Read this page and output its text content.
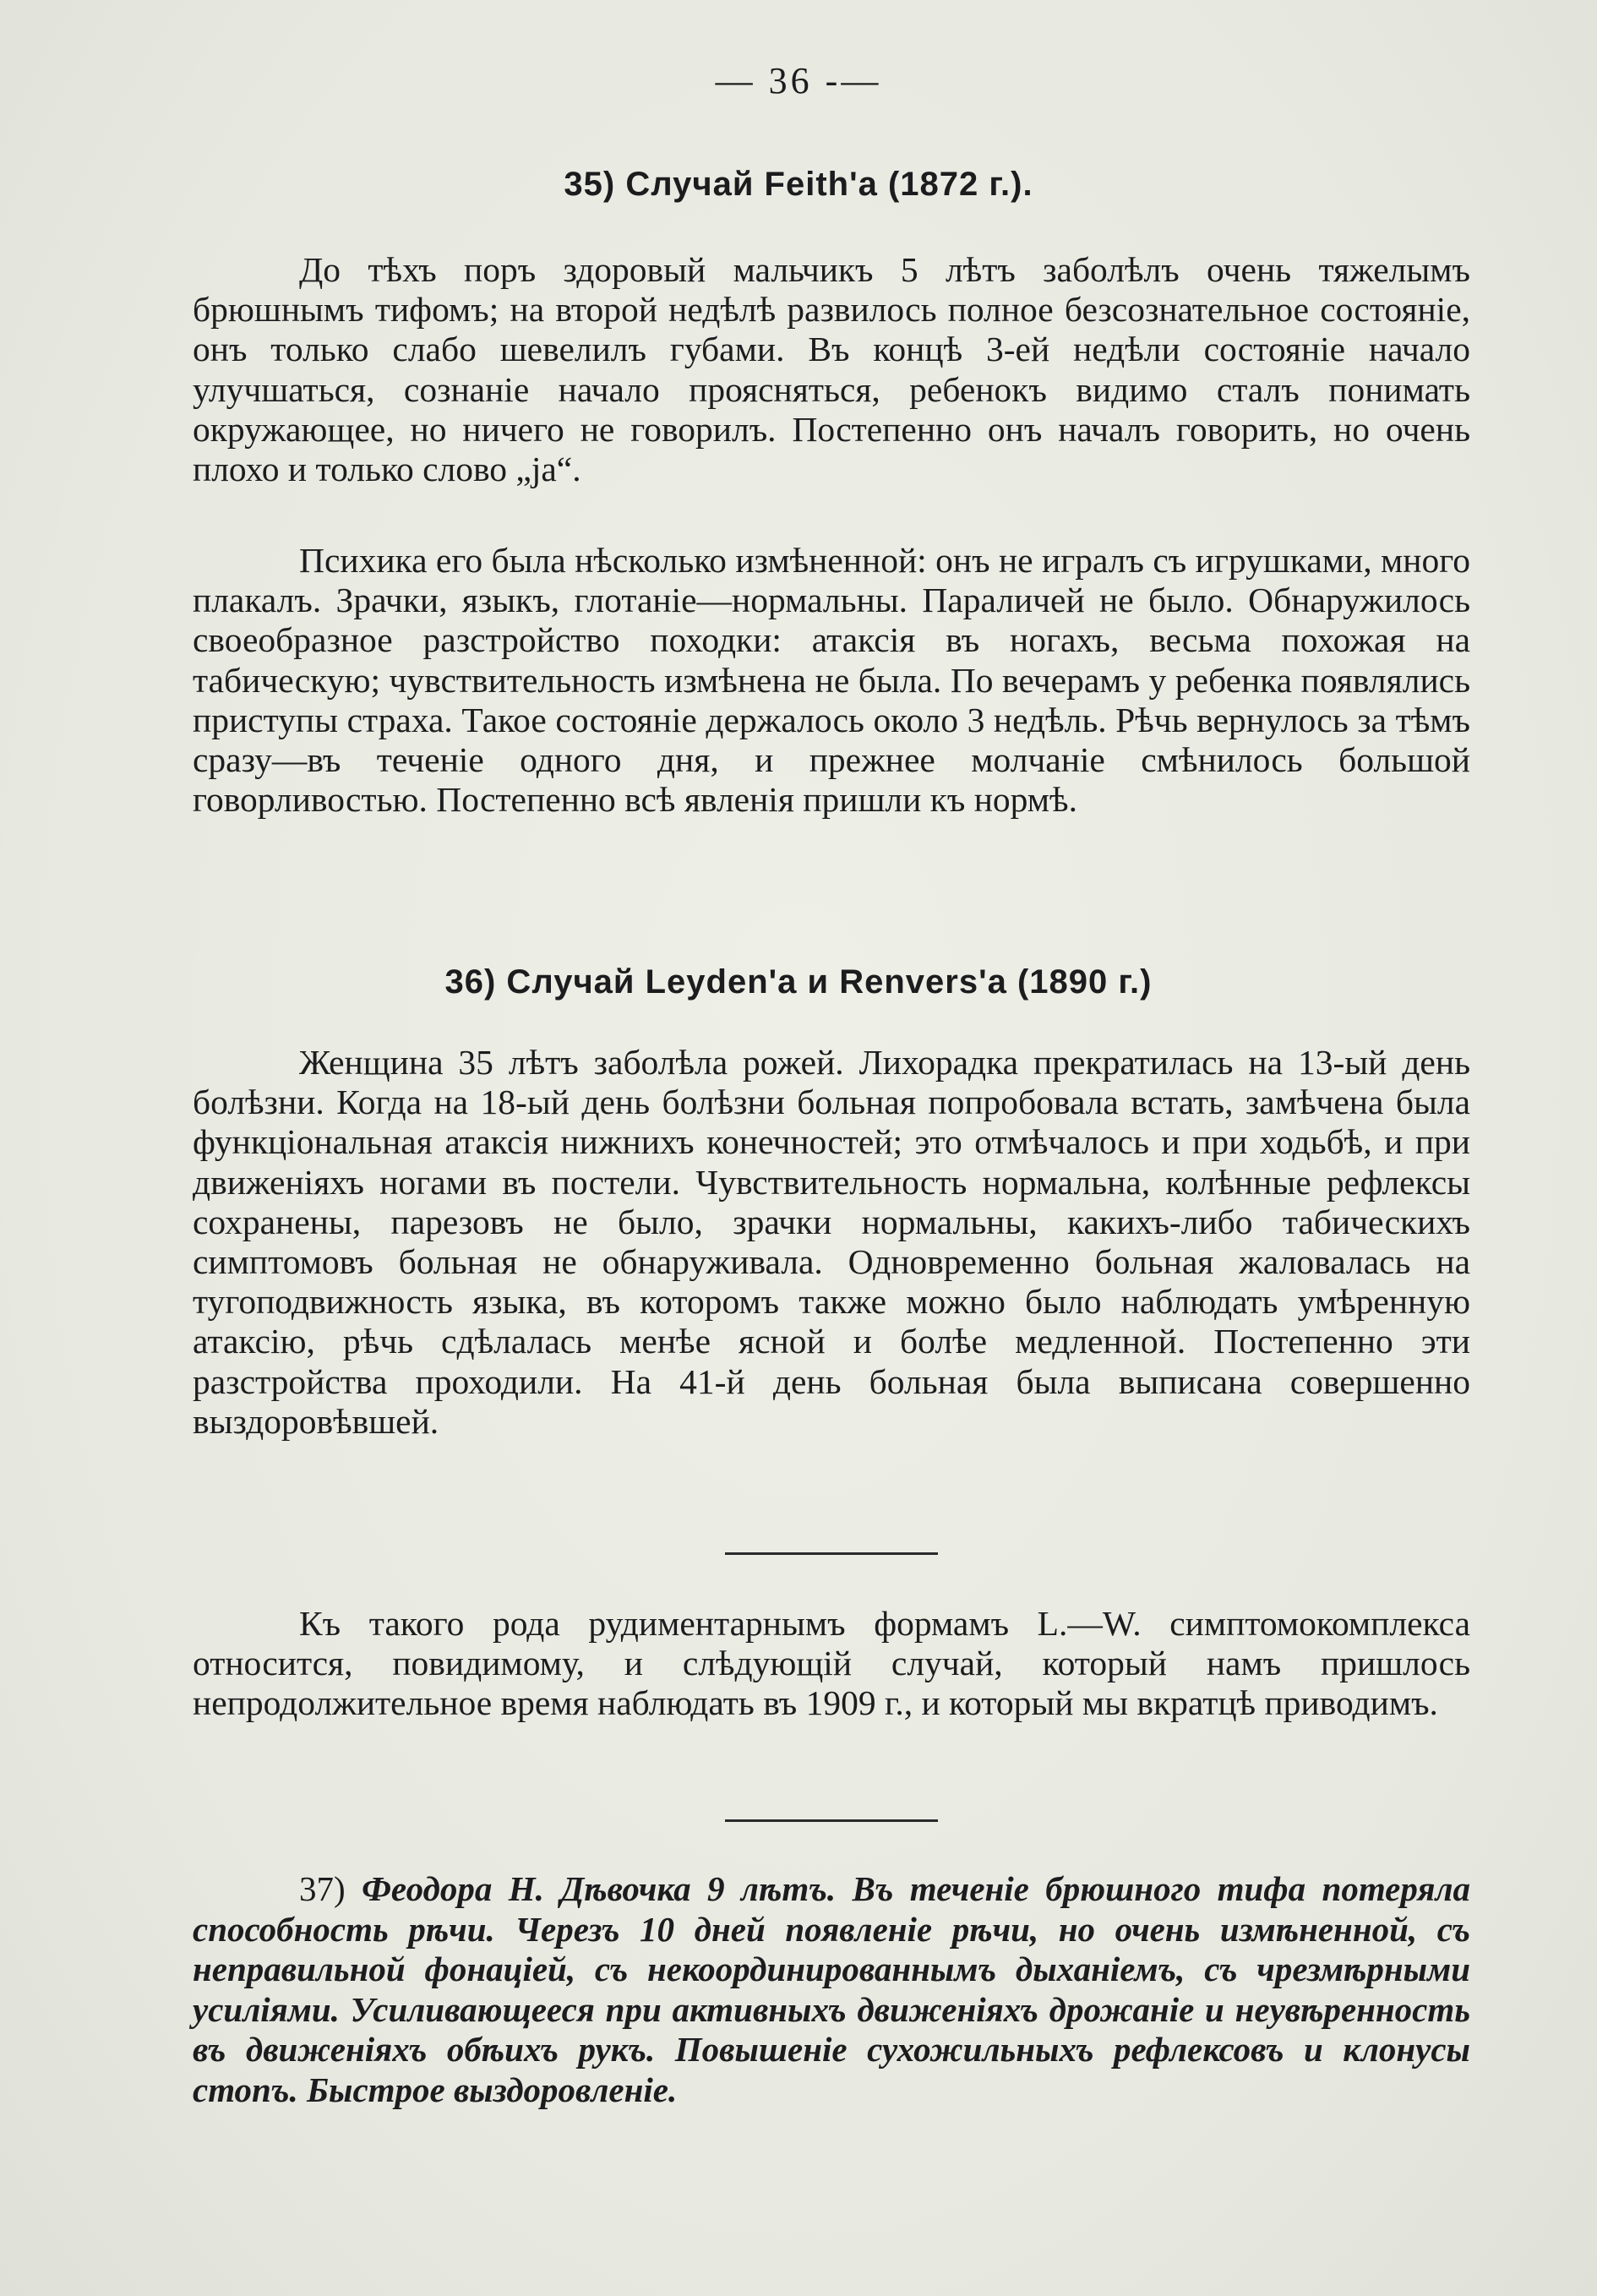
— 36 -—
35) Случай Feith'a (1872 г.).

До тѣхъ поръ здоровый мальчикъ 5 лѣтъ заболѣлъ очень тяжелымъ брюшнымъ тифомъ; на второй недѣлѣ развилось полное безсознательное состоянiе, онъ только слабо шевелилъ губами. Въ концѣ 3-ей недѣли состоянiе начало улучшаться, сознанiе начало проясняться, ребенокъ видимо сталъ понимать окружающее, но ничего не говорилъ. Постепенно онъ началъ говорить, но очень плохо и только слово „ja“.

Психика его была нѣсколько измѣненной: онъ не игралъ съ игрушками, много плакалъ. Зрачки, языкъ, глотанiе—нормальны. Параличей не было. Обнаружилось своеобразное разстройство походки: атаксiя въ ногахъ, весьма похожая на табическую; чувствительность измѣнена не была. По вечерамъ у ребенка появлялись приступы страха. Такое состоянiе держалось около 3 недѣль. Рѣчь вернулось за тѣмъ сразу—въ теченiе одного дня, и прежнее молчанiе смѣнилось большой говорливостью. Постепенно всѣ явленiя пришли къ нормѣ.

36) Случай Leyden'a и Renvers'a (1890 г.)

Женщина 35 лѣтъ заболѣла рожей. Лихорадка прекратилась на 13-ый день болѣзни. Когда на 18-ый день болѣзни больная попробовала встать, замѣчена была функцiональная атаксiя нижнихъ конечностей; это отмѣчалось и при ходьбѣ, и при движенiяхъ ногами въ постели. Чувствительность нормальна, колѣнные рефлексы сохранены, парезовъ не было, зрачки нормальны, какихъ-либо табическихъ симптомовъ больная не обнаруживала. Одновременно больная жаловалась на тугоподвижность языка, въ которомъ также можно было наблюдать умѣренную атаксiю, рѣчь сдѣлалась менѣе ясной и болѣе медленной. Постепенно эти разстройства проходили. На 41-й день больная была выписана совершенно выздоровѣвшей.

Къ такого рода рудиментарнымъ формамъ L.—W. симптомокомплекса относится, повидимому, и слѣдующiй случай, который намъ пришлось непродолжительное время наблюдать въ 1909 г., и который мы вкратцѣ приводимъ.

37) Феодора Н. Дѣвочка 9 лѣтъ. Въ теченiе брюшного тифа потеряла способность рѣчи. Черезъ 10 дней появленiе рѣчи, но очень измѣненной, съ неправильной фонацiей, съ некоординированнымъ дыханiемъ, съ чрезмѣрными усилiями. Усиливающееся при активныхъ движенiяхъ дрожанiе и неувѣренность въ движенiяхъ обѣихъ рукъ. Повышенiе сухожильныхъ рефлексовъ и клонусы стопъ. Быстрое выздоровленiе.
